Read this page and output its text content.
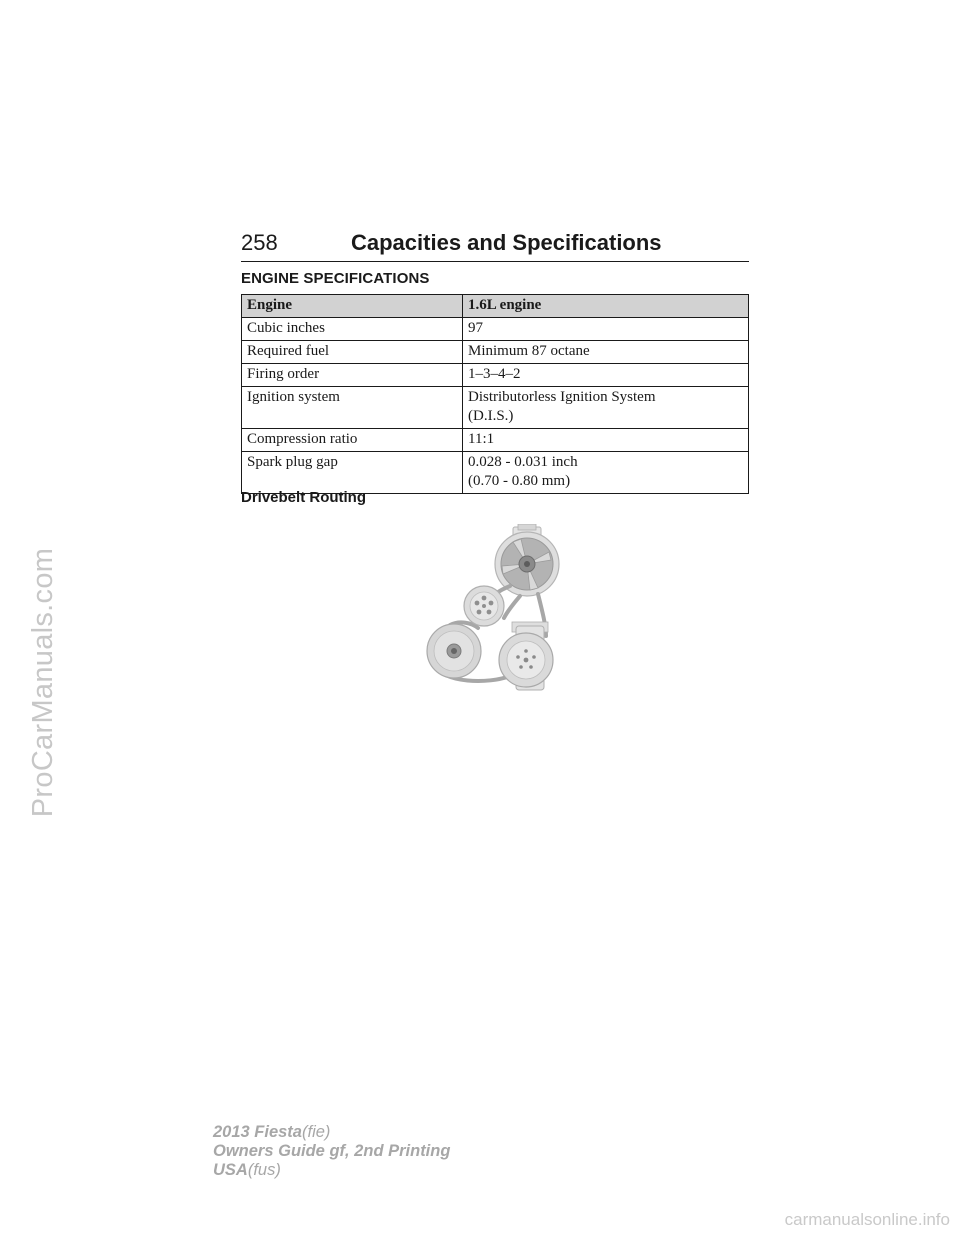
ProCarManuals.com
258	Capacities and Specifications
ENGINE SPECIFICATIONS
Engine	1.6L engine
Cubic inches	97
Required fuel	Minimum 87 octane
Firing order	1–3–4–2
Ignition system	Distributorless Ignition System
(D.I.S.)

Compression ratio	11:1
Spark plug gap	0.028 - 0.031 inch
(0.70 - 0.80 mm)
Drivebelt Routing
2013 Fiesta(fie)
Owners Guide gf, 2nd Printing
USA(fus)
carmanualsonline.info
